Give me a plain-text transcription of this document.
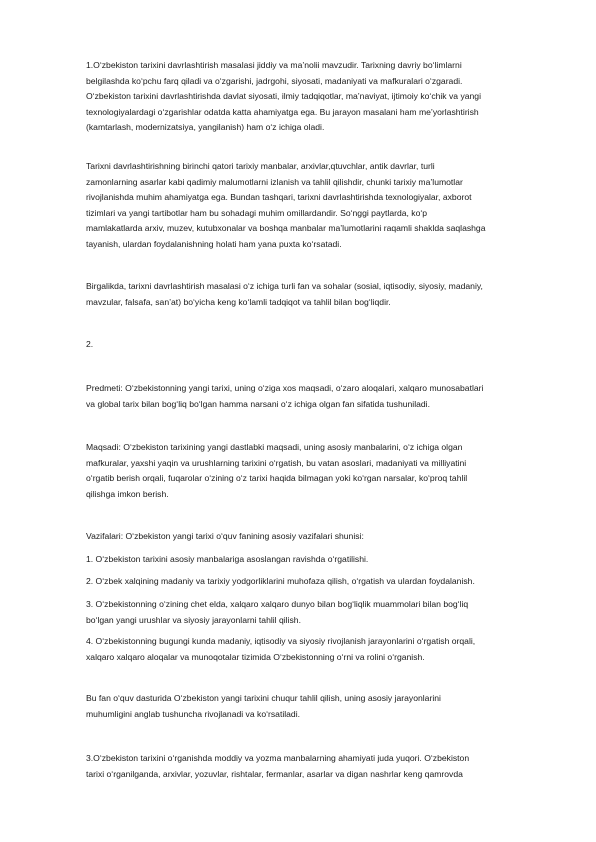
1.O‘zbekiston tarixini davrlashtirish masalasi jiddiy va ma’nolii mavzudir. Tarixning davriy bo‘limlarni
belgilashda ko‘pchu farq qiladi va o‘zgarishi, jadrgohi, siyosati, madaniyati va mafkuralari o‘zgaradi.
O‘zbekiston tarixini davrlashtirishda davlat siyosati, ilmiy tadqiqotlar, ma’naviyat, ijtimoiy ko‘chik va yangi
texnologiyalardagi o‘zgarishlar odatda katta ahamiyatga ega. Bu jarayon masalani ham me’yorlashtirish
(kamtarlash, modernizatsiya, yangilanish) ham o‘z ichiga oladi.

Tarixni davrlashtirishning birinchi qatori tarixiy manbalar, arxivlar,qtuvchlar, antik davrlar, turli
zamonlarning asarlar kabi qadimiy malumotlarni izlanish va tahlil qilishdir, chunki tarixiy ma’lumotlar
rivojlanishda muhim ahamiyatga ega. Bundan tashqari, tarixni davrlashtirishda texnologiyalar, axborot
tizimlari va yangi tartibotlar ham bu sohadagi muhim omillardandir. So‘nggi paytlarda, ko‘p
mamlakatlarda arxiv, muzev, kutubxonalar va boshqa manbalar ma’lumotlarini raqamli shaklda saqlashga
tayanish, ulardan foydalanishning holati ham yana puxta ko‘rsatadi.

Birgalikda, tarixni davrlashtirish masalasi o‘z ichiga turli fan va sohalar (sosial, iqtisodiy, siyosiy, madaniy,
mavzular, falsafa, san’at) bo‘yicha keng ko‘lamli tadqiqot va tahlil bilan bog‘liqdir.

2.

Predmeti: O‘zbekistonning yangi tarixi, uning o‘ziga xos maqsadi, o‘zaro aloqalari, xalqaro munosabatlari
va global tarix bilan bog‘liq bo‘lgan hamma narsani o‘z ichiga olgan fan sifatida tushuniladi.

Maqsadi: O‘zbekiston tarixining yangi dastlabki maqsadi, uning asosiy manbalarini, o‘z ichiga olgan
mafkuralar, yaxshi yaqin va urushlarning tarixini o‘rgatish, bu vatan asoslari, madaniyati va milliyatini
o‘rgatib berish orqali, fuqarolar o‘zining o‘z tarixi haqida bilmagan yoki ko‘rgan narsalar, ko‘proq tahlil
qilishga imkon berish.

Vazifalari: O‘zbekiston yangi tarixi o‘quv fanining asosiy vazifalari shunisi:

1. O‘zbekiston tarixini asosiy manbalariga asoslangan ravishda o‘rgatilishi.

2. O‘zbek xalqining madaniy va tarixiy yodgorliklarini muhofaza qilish, o‘rgatish va ulardan foydalanish.

3. O‘zbekistonning o‘zining chet elda, xalqaro xalqaro dunyo bilan bog‘liqlik muammolari bilan bog‘liq
bo‘lgan yangi urushlar va siyosiy jarayonlarni tahlil qilish.

4. O‘zbekistonning bugungi kunda madaniy, iqtisodiy va siyosiy rivojlanish jarayonlarini o‘rgatish orqali,
xalqaro xalqaro aloqalar va munoqotalar tizimida O‘zbekistonning o‘rni va rolini o‘rganish.

Bu fan o‘quv dasturida O‘zbekiston yangi tarixini chuqur tahlil qilish, uning asosiy jarayonlarini
muhumligini anglab tushuncha rivojlanadi va ko‘rsatiladi.

3.O‘zbekiston tarixini o‘rganishda moddiy va yozma manbalarning ahamiyati juda yuqori. O‘zbekiston
tarixi o‘rganilganda, arxivlar, yozuvlar, rishtalar, fermanlar, asarlar va digan nashrlar keng qamrovda
